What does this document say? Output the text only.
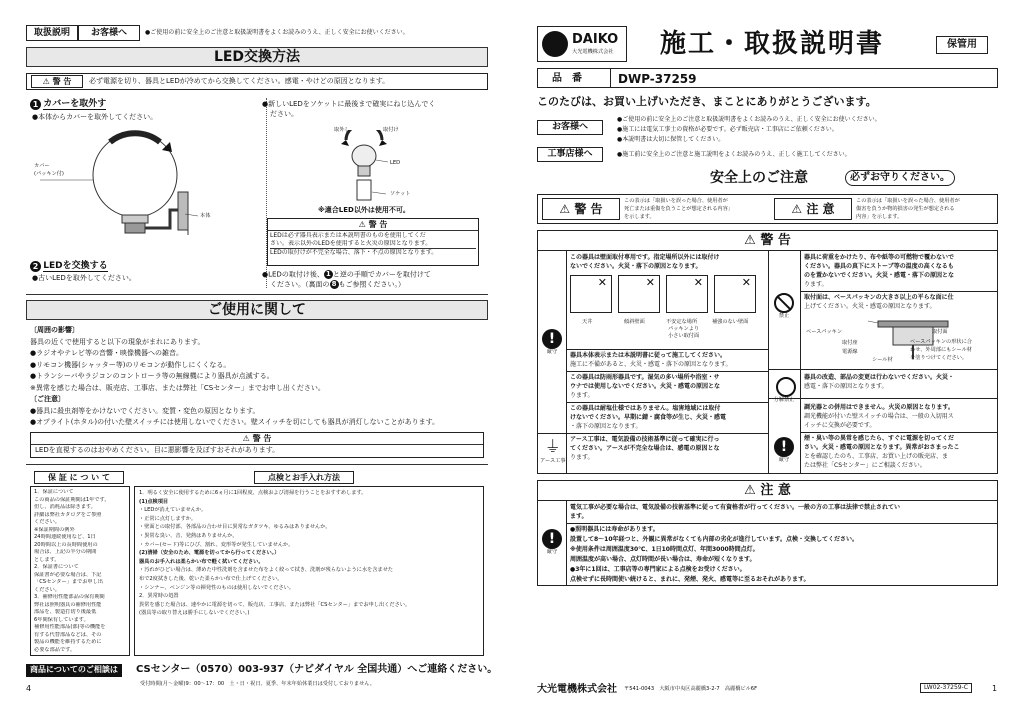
取扱説明	お客様へ	●ご使用の前に安全上のご注意と取扱説明書をよくお読みのうえ、正しく安全にお使いください。
LED交換方法
⚠ 警 告	必ず電源を切り、器具とLEDが冷めてから交換してください。感電・やけどの原因となります。
1 カバーを取外す
●本体からカバーを取外してください。
カバー
(パッキン付)
本体
2 LEDを交換する
●古いLEDを取外してください。
●新しいLEDをソケットに最後まで確実にねじ込んでく
ださい。
取外し	取付け
LED
ソケット
※適合LED以外は使用不可。
⚠ 警 告
LEDは必ず器具表示または本説明書のものを使用してくだ
さい。表示以外のLEDを使用すると火災の原因となります。
LEDの取付けが不完全な場合、落下・不点の原因となります。
●LEDの取付け後、 1 と逆の手順でカバーを取付けて
ください。（裏面の 8 もご参照ください。）
ご使用に関して
〔周囲の影響〕
器具の近くで使用すると以下の現象がまれにあります。
●ラジオやテレビ等の音響・映像機器への雑音。
●リモコン機器(シャッター等)のリモコンが動作しにくくなる。
●トランシーバやラジコンのコントローラ等の無線機により器具が点滅する。
※異常を感じた場合は、販売店、工事店、または弊社「CSセンター」までお申し出ください。
〔ご注意〕
●器具に殺虫剤等をかけないでください。変質・変色の原因となります。
●オプライト(ホタル)の付いた壁スイッチには使用しないでください。壁スイッチを切にしても器具が消灯しないことがあります。
⚠ 警 告
LEDを直視するのはおやめください。目に悪影響を及ぼすおそれがあります。
保 証 に つ い て
1．保証について
この商品の保証期間は1年です。
但し、消耗品は除きます。
詳細は弊社カタログをご参照
ください。
※保証期間の例外
24時間連続使用など、1日
20時間以上の長時間使用の
場合は、上記の半分の期間
とします。
2．保証書について
保証書が必要な場合は、下記
「CSセンター」までお申し出
ください。
3．補修用性能部品の保有期間
弊社は照明器具の補修用性能
部品を、製造打切り後最低
6年間保有しています。
補修用性能部品(部)等の機能を
有する代替部品などは、その
製品の機能を維持するために
必要な部品です。
点検とお手入れ方法
1．明るく安全に使用するために6ヵ月に1回程度、点検および清掃を行うことをおすすめします。
(1)点検項目
・LEDが消えていませんか。
・正常に点灯しますか。
・壁面との取付部、各部品の合わせ目に異常なガタツキ、ゆるみはありませんか。
・異常な臭い、音、発熱はありませんか。
・カバー(セード)等にひび、割れ、変形等が発生していませんか。
(2)清掃（安全のため、電源を切ってから行ってください。）
器具のお手入れは柔らかい布で軽く拭いてください。
・汚れがひどい場合は、薄めた中性洗剤を含ませた布をよく絞って拭き、洗剤が残らないように水を含ませた
布で2度拭きした後、乾いた柔らかい布で仕上げてください。
・シンナー、ベンジン等の揮発性のものは使用しないでください。
2．異常時の処置
異常を感じた場合は、速やかに電源を切って、販売店、工事店、または弊社「CSセンター」までお申し出ください。
(器具等の取り替えは勝手にしないでください。)
商品についてのご相談は	CSセンター（0570）003-937（ナビダイヤル 全国共通）へご連絡ください。
受付時間(月〜金曜)9：00〜17：00　土・日・祝日、夏季、年末年始休業日は受付しておりません。
4
DAIKO
大光電機株式会社 施工・取扱説明書	保管用
品　番	DWP-37259
このたびは、お買い上げいただき、まことにありがとうございます。
お客様へ
●ご使用の前に安全上のご注意と取扱説明書をよくお読みのうえ、正しく安全にお使いください。
●施工には電気工事士の資格が必要です。必ず販売店・工事店にご依頼ください。
●本説明書は大切に保管してください。
工事店様へ	●施工前に安全上のご注意と施工説明をよくお読みのうえ、正しく施工してください。
安全上のご注意	必ずお守りください。
⚠ 警 告
この表示は「取扱いを誤った場合、使用者が
死亡または重傷を負うことが想定される内容」
を示します。
⚠ 注 意
この表示は「取扱いを誤った場合、使用者が
傷害を負うか物的損害の発生が想定される
内容」を示します。
⚠ 警 告
!
厳守
⏚
アース工事
この器具は壁面取付専用です。指定場所以外には取付け
ないでください。火災・落下の原因となります。
✕	✕	✕	✕
天井	傾斜壁面	不安定な場所
パッキンより
小さい取付面
補強のない壁面
器具本体表示または本説明書に従って施工してください。
施工に不備があると、火災・感電・落下の原因となります。
この器具は防雨形器具です。湿気の多い場所や浴室・サ
ウナでは使用しないでください。火災・感電の原因とな
ります。
この器具は耐塩仕様ではありません。塩害地域には取付
けないでください。早期に錆・腐食等が生じ、火災・感電
・落下の原因となります。
アース工事は、電気設備の技術基準に従って確実に行っ
てください。アースが不完全な場合は、感電の原因とな
ります。
禁止
分解禁止
!
厳守
器具に荷重をかけたり、布や紙等の可燃物で覆わないで
ください。器具の真下にストーブ等の温度の高くなるも
のを置かないでください。火災・感電・落下の原因とな
ります。
取付面は、ベースパッキンの大きさ以上の平らな面に仕
上げてください。火災・感電の原因となります。
ベースパッキン	取付面
取付座	ベースパッキンの形状に合
電源線	わせ、外周部にもシール材
シール材	を塗りつけてください。
器具の改造、部品の変更は行わないでください。火災・
感電・落下の原因となります。
調光器との併用はできません。火災の原因となります。
調光機能が付いた壁スイッチの場合は、一般の入切用ス
イッチに交換が必要です。
煙・臭い等の異常を感じたら、すぐに電源を切ってくだ
さい。火災・感電の原因となります。異常がおさまったこ
とを確認したのち、工事店、お買い上げの販売店、ま
たは弊社「CSセンター」にご相談ください。
⚠ 注 意
!
厳守
電気工事が必要な場合は、電気設備の技術基準に従って有資格者が行ってください。一般の方の工事は法律で禁止されてい
ます。
●照明器具には寿命があります。
設置して8〜10年経つと、外観に異常がなくても内部の劣化が進行しています。点検・交換してください。
※使用条件は周囲温度30℃、1日10時間点灯、年間3000時間点灯。
周囲温度が高い場合、点灯時間が長い場合は、寿命が短くなります。
●3年に1回は、工事店等の専門家による点検をお受けください。
点検せずに長時間使い続けると、まれに、発煙、発火、感電等に至るおそれがあります。
大光電機株式会社 〒541-0043　大阪市中央区高麗橋3-2-7　高麗橋ビル6F	LW02-37259-C	1
